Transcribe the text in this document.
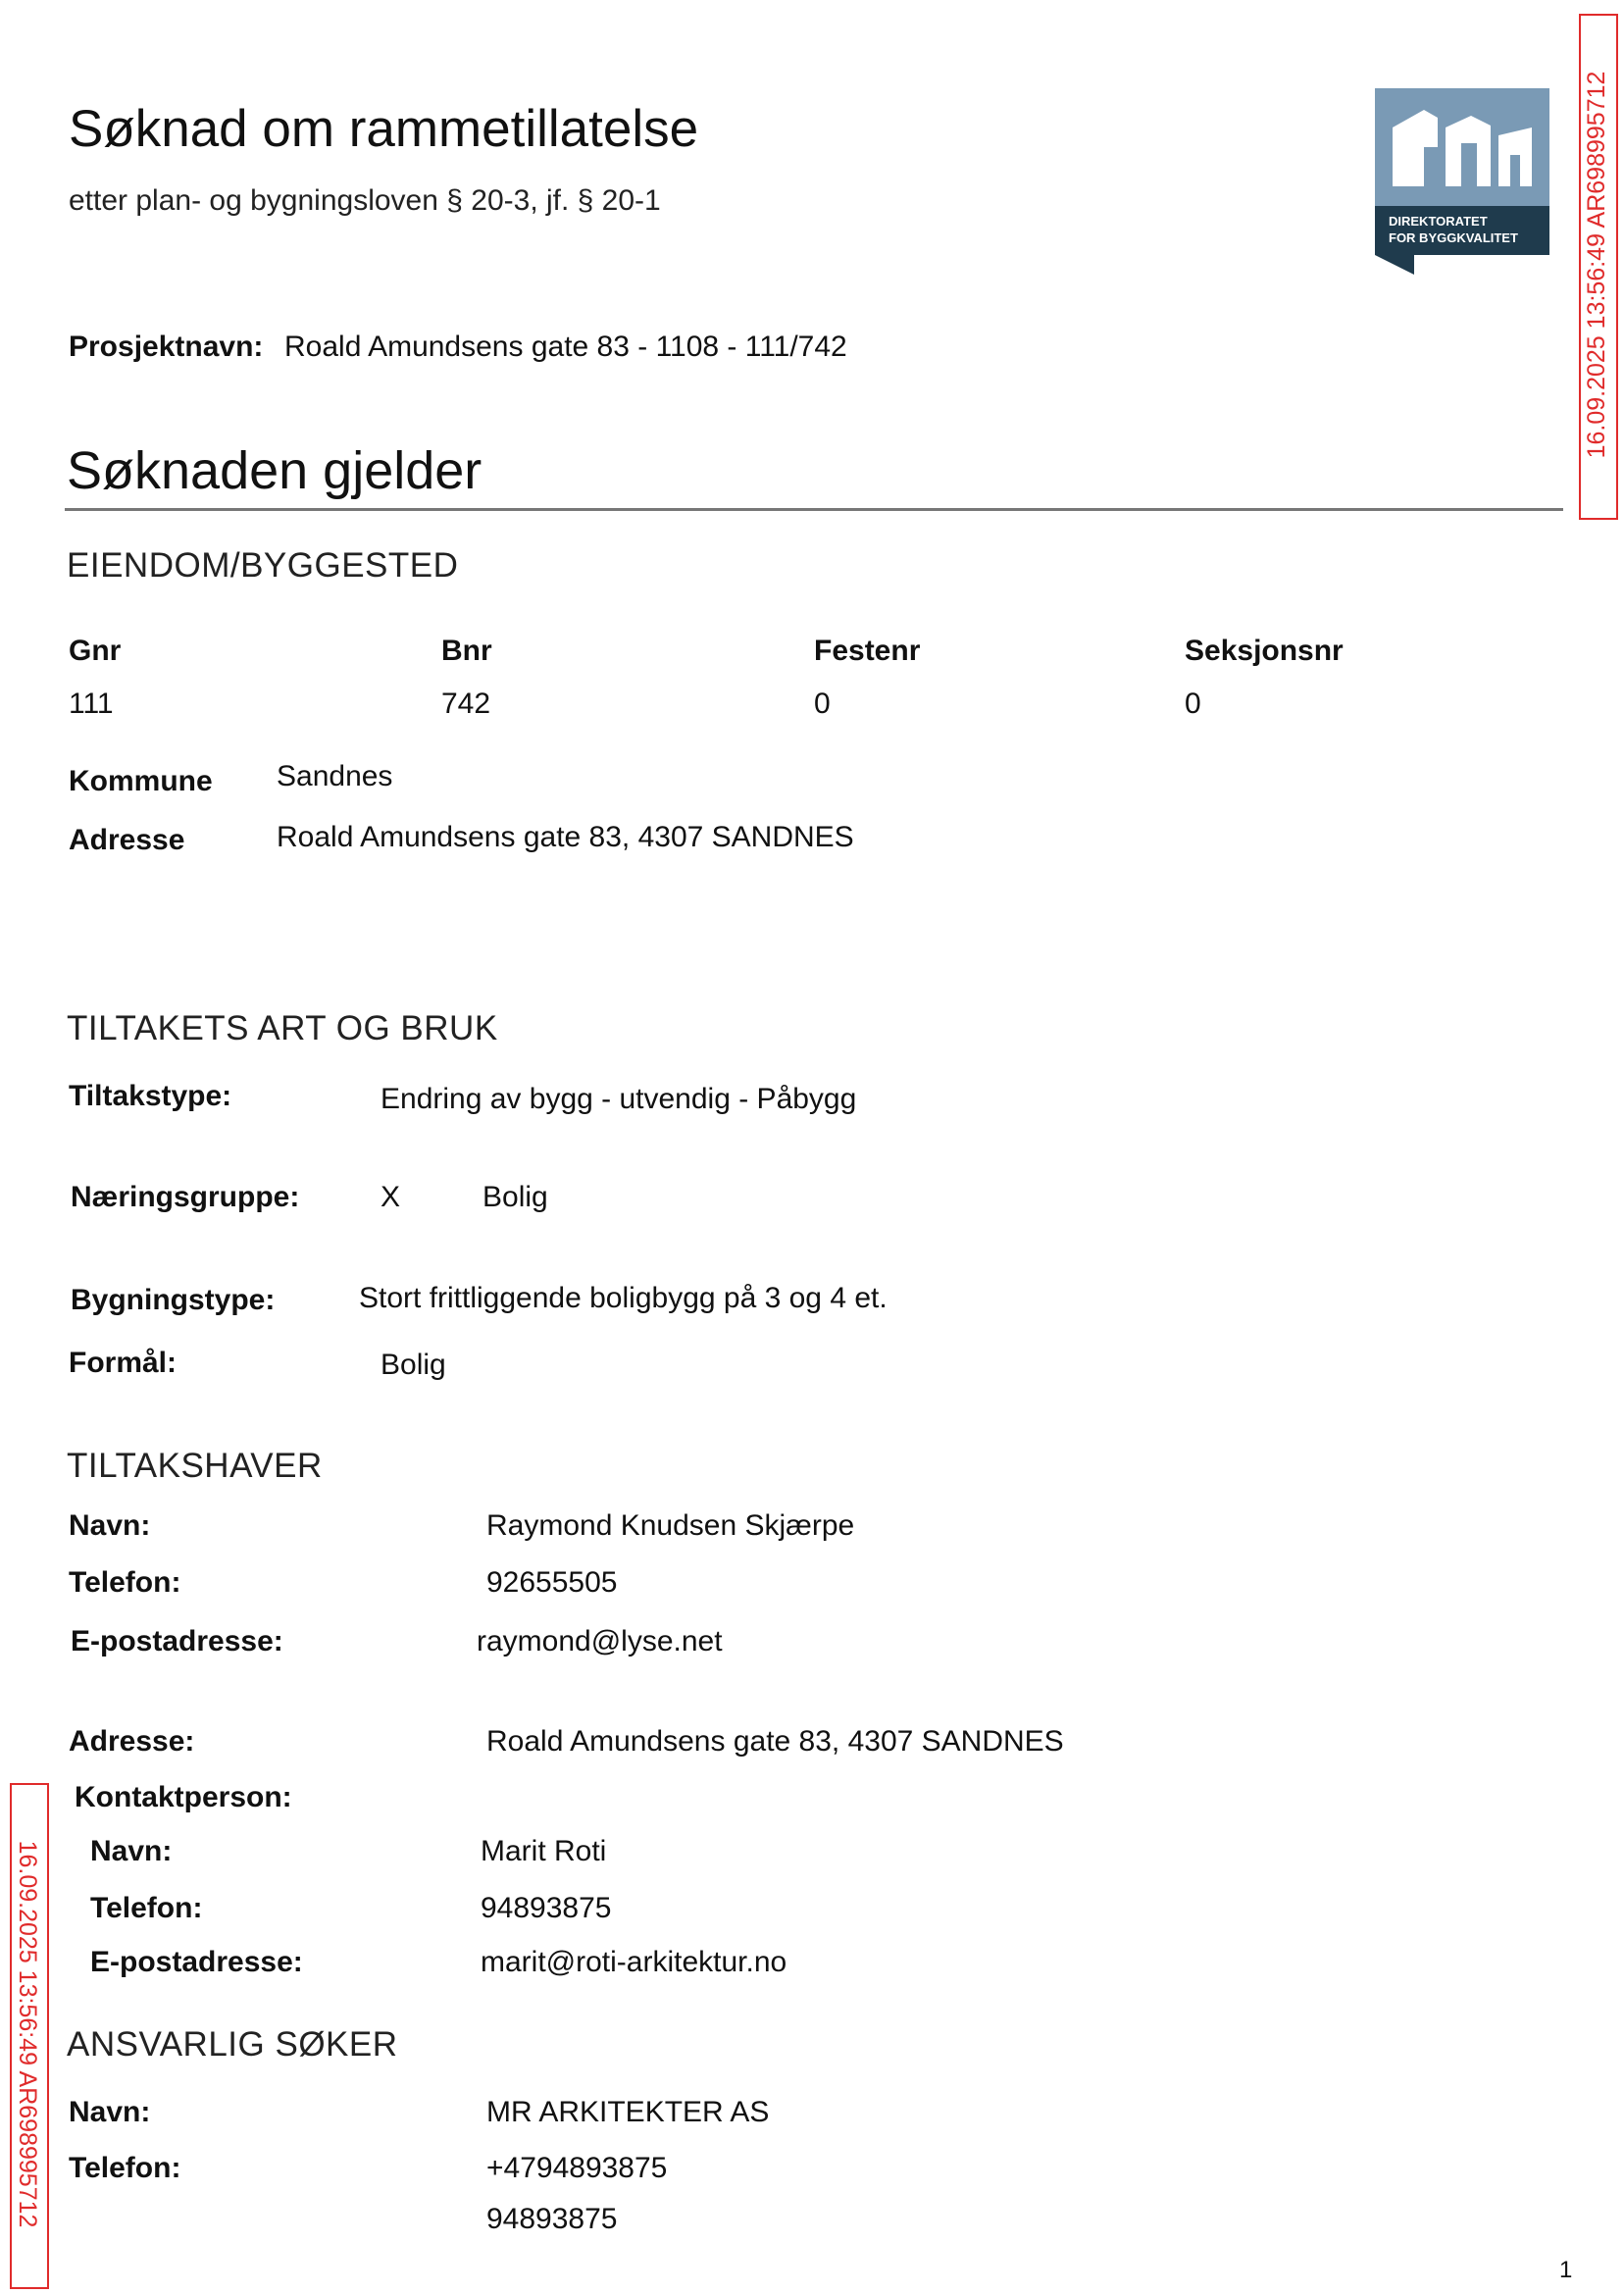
Søknad om rammetillatelse
etter plan- og bygningsloven § 20-3, jf. § 20-1
DIREKTORATET
FOR BYGGKVALITET	16.09.2025 13:56:49 AR698995712
16.09.2025 13:56:49 AR698995712
Prosjektnavn: Roald Amundsens gate 83 - 1108 - 111/742
Søknaden gjelder
EIENDOM/BYGGESTED
Gnr	Bnr	Festenr	Seksjonsnr
111	742	0	0
Kommune Sandnes
Adresse	Roald Amundsens gate 83, 4307 SANDNES
TILTAKETS ART OG BRUK
Tiltakstype:	Endring av bygg - utvendig - Påbygg
Næringsgruppe:	X	Bolig
Bygningstype:	Stort frittliggende boligbygg på 3 og 4 et.
Formål:	Bolig
TILTAKSHAVER
Navn:	Raymond Knudsen Skjærpe
Telefon:	92655505
E-postadresse:	raymond@lyse.net
Adresse:	Roald Amundsens gate 83, 4307 SANDNES
Kontaktperson:
Navn:	Marit Roti
Telefon:	94893875
E-postadresse:	marit@roti-arkitektur.no
ANSVARLIG SØKER
Navn:	MR ARKITEKTER AS
Telefon:	+4794893875
94893875
1
